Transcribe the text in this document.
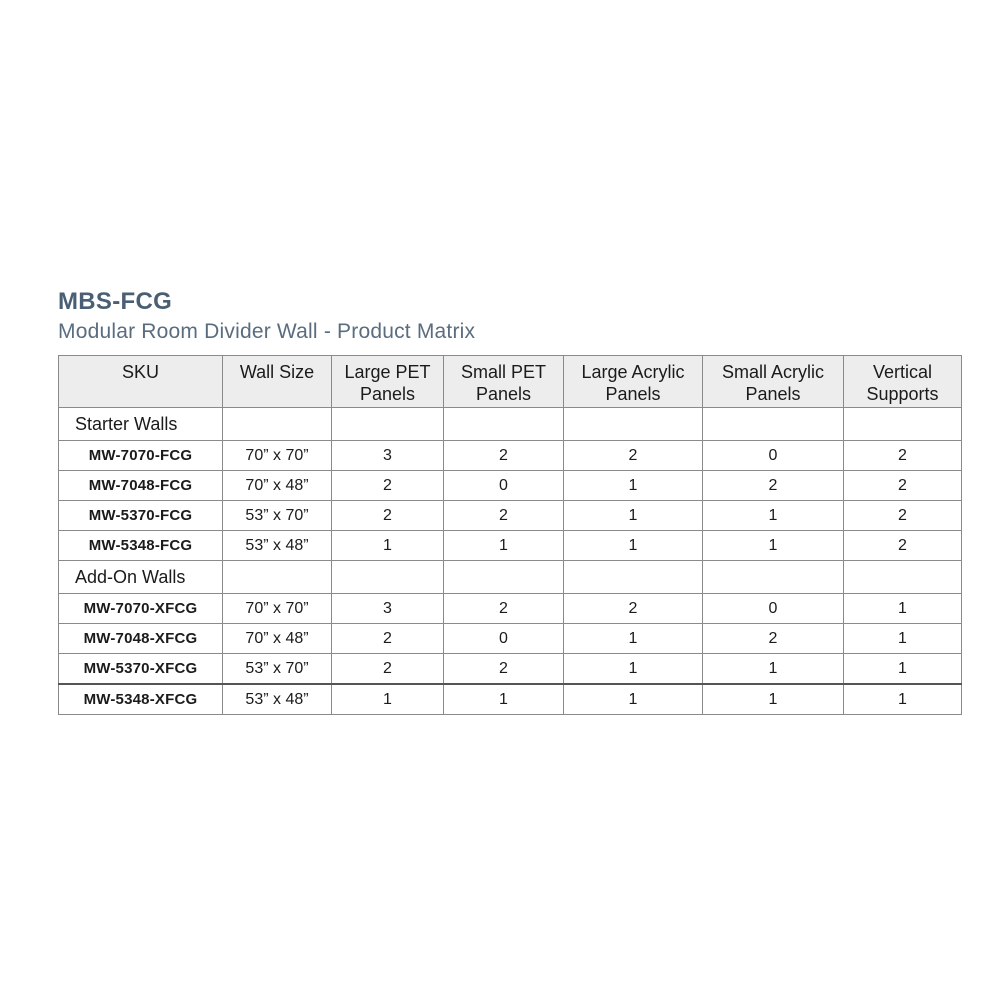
MBS-FCG
Modular Room Divider Wall - Product Matrix
SKU	Wall Size	Large PET Panels	Small PET Panels	Large Acrylic Panels	Small Acrylic Panels	Vertical Supports
Starter Walls						
MW-7070-FCG	70” x 70”	3	2	2	0	2
MW-7048-FCG	70” x 48”	2	0	1	2	2
MW-5370-FCG	53” x 70”	2	2	1	1	2
MW-5348-FCG	53” x 48”	1	1	1	1	2
Add-On Walls						
MW-7070-XFCG	70” x 70”	3	2	2	0	1
MW-7048-XFCG	70” x 48”	2	0	1	2	1
MW-5370-XFCG	53” x 70”	2	2	1	1	1
MW-5348-XFCG	53” x 48”	1	1	1	1	1
